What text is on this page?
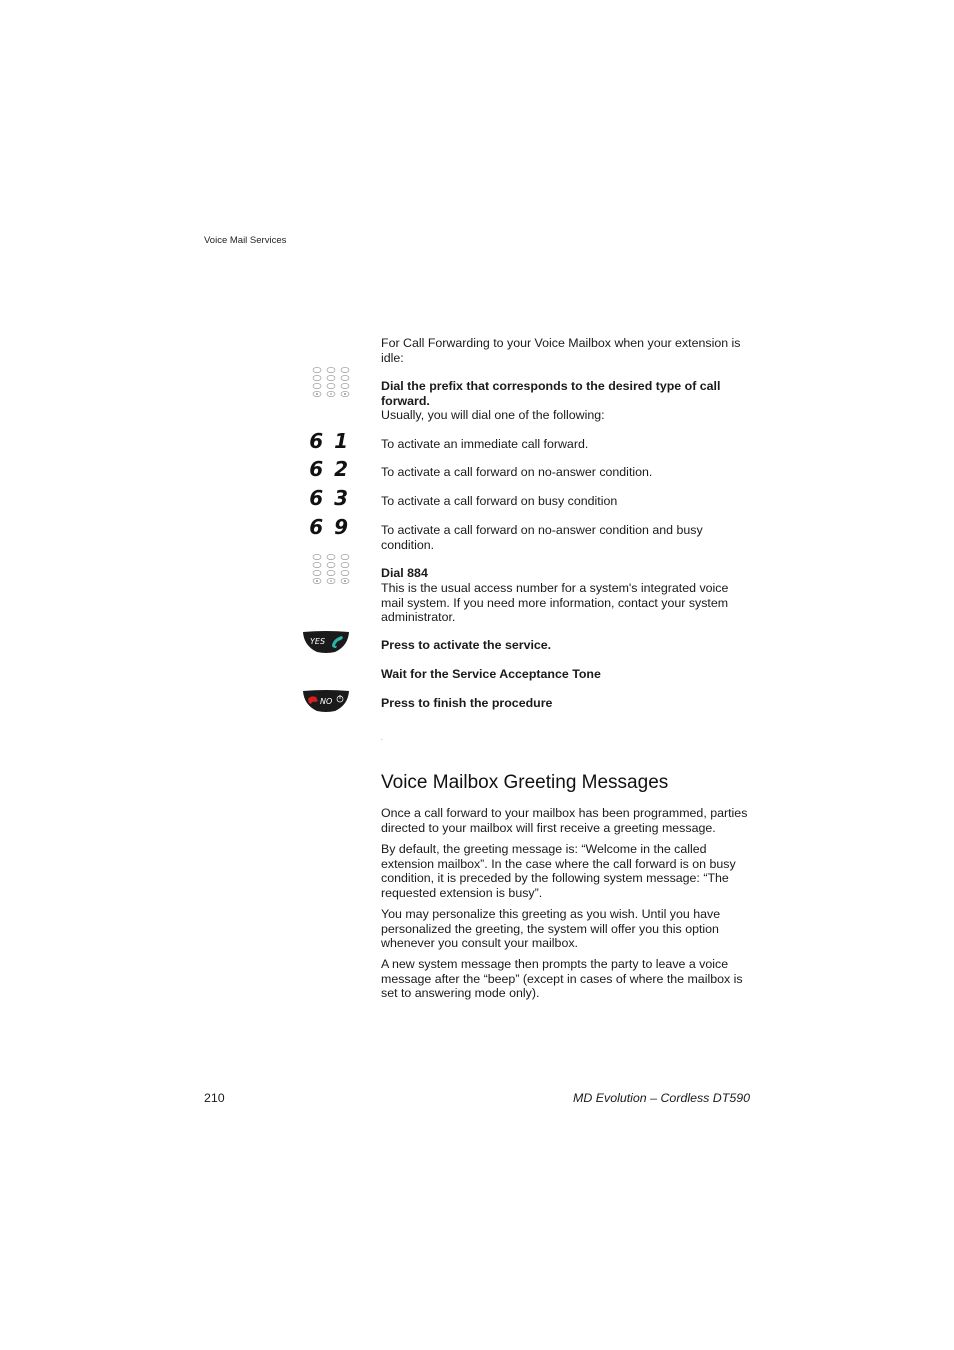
Voice Mail Services
For Call Forwarding to your Voice Mailbox when your extension is idle:
Dial the prefix that corresponds to the desired type of call forward.
Usually, you will dial one of the following:
6 1	To activate an immediate call forward.
6 2	To activate a call forward on no-answer condition.
6 3	To activate a call forward on busy condition
6 9	To activate a call forward on no-answer condition and busy condition.
Dial 884
This is the usual access number for a system's integrated voice mail system. If you need more information, contact your system administrator.
YES	Press to activate the service.
Wait for the Service Acceptance Tone
NO	Press to finish the procedure
.
Voice Mailbox Greeting Messages
Once a call forward to your mailbox has been programmed, parties directed to your mailbox will first receive a greeting message.
By default, the greeting message is: “Welcome in the called extension mailbox”. In the case where the call forward is on busy condition, it is preceded by the following system message: “The requested extension is busy”.
You may personalize this greeting as you wish. Until you have personalized the greeting, the system will offer you this option whenever you consult your mailbox.
A new system message then prompts the party to leave a voice message after the “beep” (except in cases of where the mailbox is set to answering mode only).
210	MD Evolution – Cordless DT590
